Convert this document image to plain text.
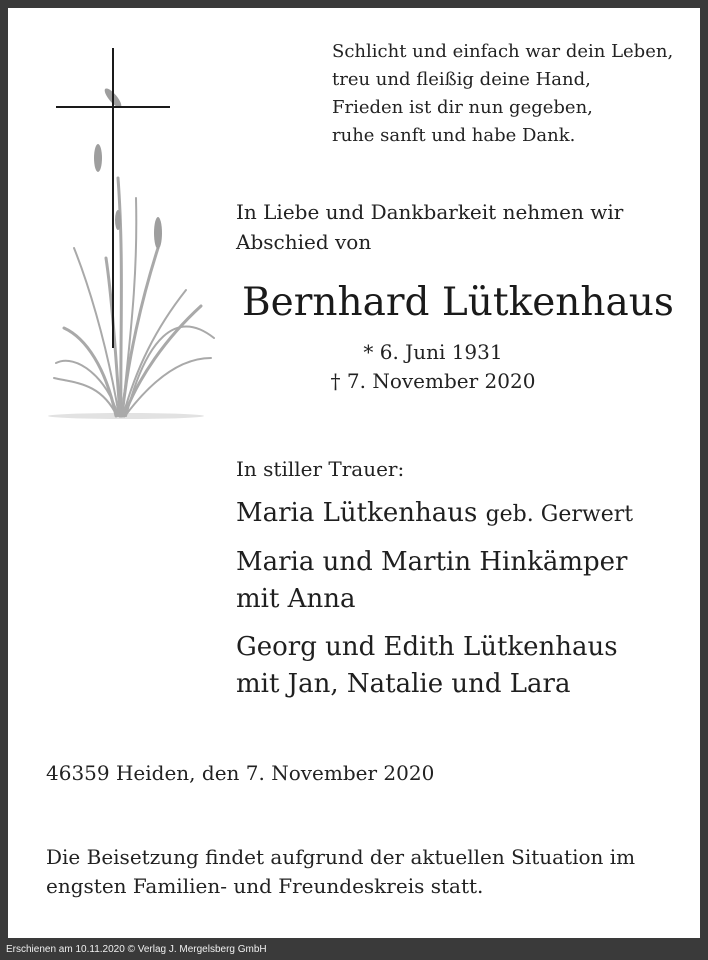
Schlicht und einfach war dein Leben,
treu und fleißig deine Hand,
Frieden ist dir nun gegeben,
ruhe sanft und habe Dank.
In Liebe und Dankbarkeit nehmen wir
Abschied von
Bernhard Lütkenhaus
* 6. Juni 1931
† 7. November 2020
In stiller Trauer:
Maria Lütkenhaus geb. Gerwert
Maria und Martin Hinkämper
mit Anna
Georg und Edith Lütkenhaus
mit Jan, Natalie und Lara
46359 Heiden, den 7. November 2020
Die Beisetzung findet aufgrund der aktuellen Situation im
engsten Familien- und Freundeskreis statt.
Erschienen am 10.11.2020 © Verlag J. Mergelsberg GmbH
